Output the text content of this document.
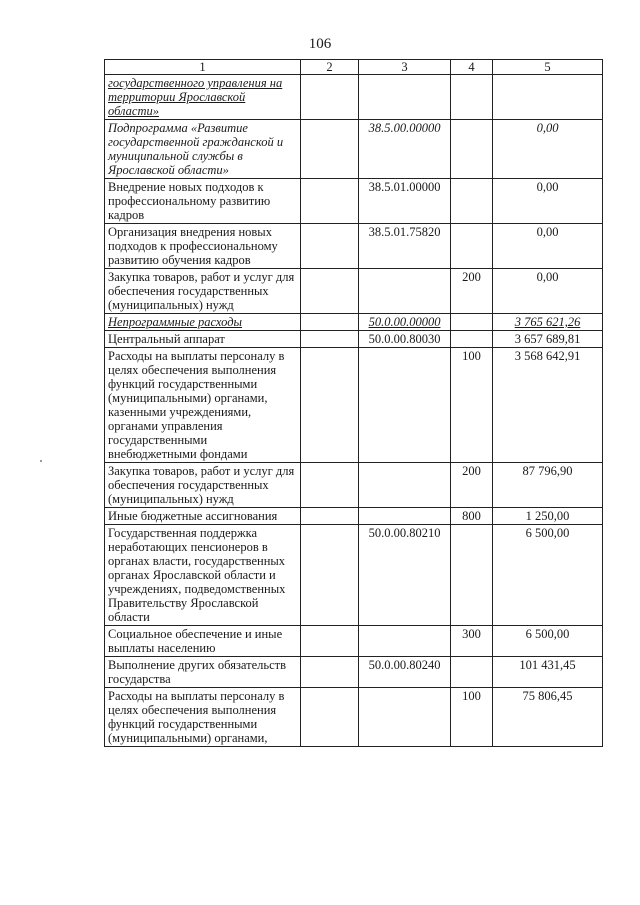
106
1	2	3	4	5
государственного управления на территории Ярославской области»				
Подпрограмма «Развитие государственной гражданской и муниципальной службы в Ярославской области»		38.5.00.00000		0,00
Внедрение новых подходов к профессиональному развитию кадров		38.5.01.00000		0,00
Организация внедрения новых подходов к профессиональному развитию обучения кадров		38.5.01.75820		0,00
Закупка товаров, работ и услуг для обеспечения государственных (муниципальных) нужд			200	0,00
Непрограммные расходы		50.0.00.00000		3 765 621,26
Центральный аппарат		50.0.00.80030		3 657 689,81
Расходы на выплаты персоналу в целях обеспечения выполнения функций государственными (муниципальными) органами, казенными учреждениями, органами управления государственными внебюджетными фондами			100	3 568 642,91
Закупка товаров, работ и услуг для обеспечения государственных (муниципальных) нужд			200	87 796,90
Иные бюджетные ассигнования			800	1 250,00
Государственная поддержка неработающих пенсионеров в органах власти, государственных органах Ярославской области и учреждениях, подведомственных Правительству Ярославской области		50.0.00.80210		6 500,00
Социальное обеспечение и иные выплаты населению			300	6 500,00
Выполнение других обязательств государства		50.0.00.80240		101 431,45
Расходы на выплаты персоналу в целях обеспечения выполнения функций государственными (муниципальными) органами,			100	75 806,45
